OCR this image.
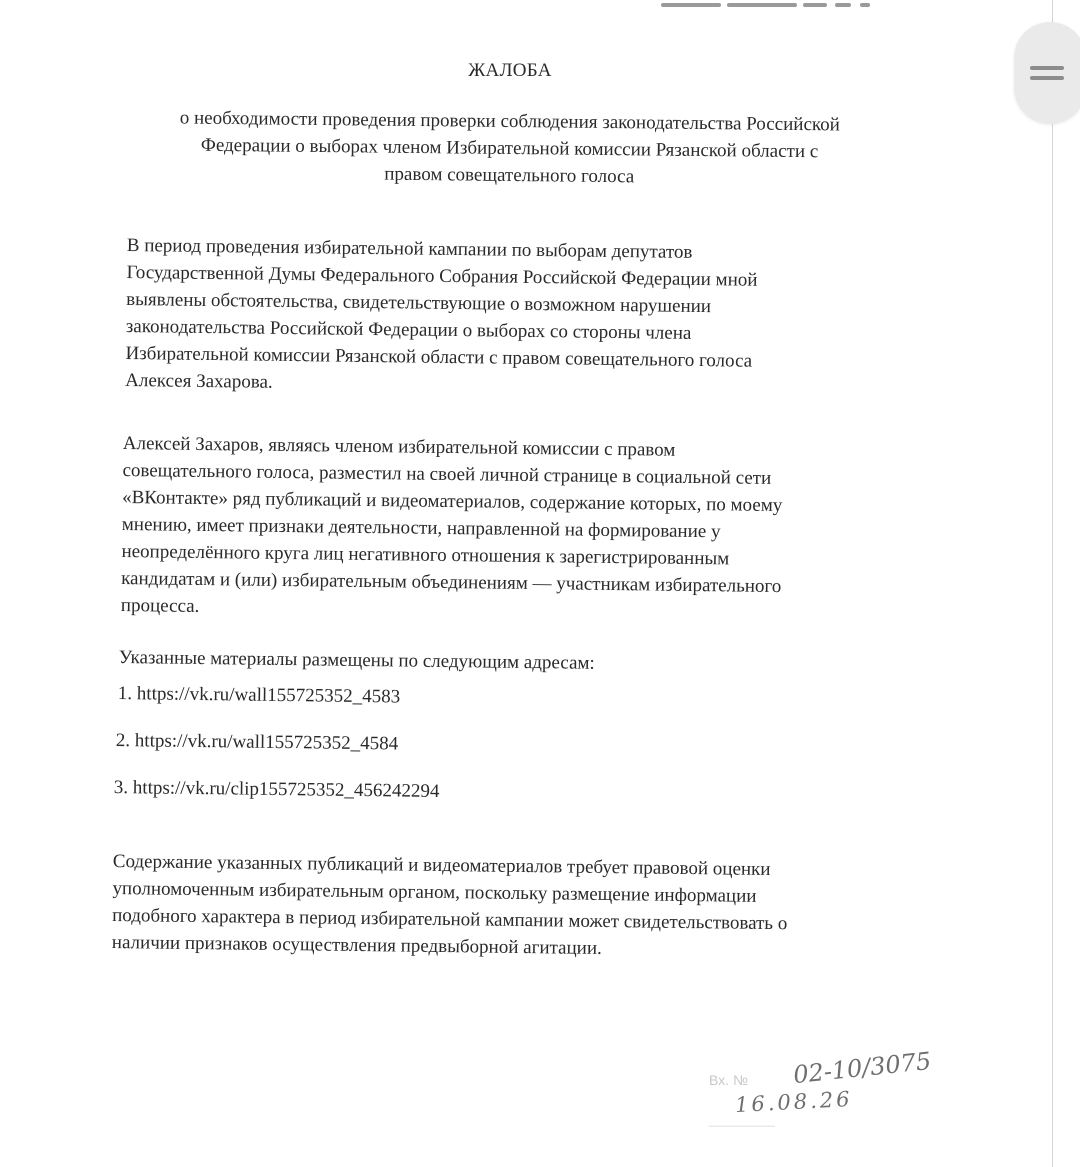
ЖАЛОБА
о необходимости проведения проверки соблюдения законодательства Российской
Федерации о выборах членом Избирательной комиссии Рязанской области с
правом совещательного голоса
В период проведения избирательной кампании по выборам депутатов
Государственной Думы Федерального Собрания Российской Федерации мной
выявлены обстоятельства, свидетельствующие о возможном нарушении
законодательства Российской Федерации о выборах со стороны члена
Избирательной комиссии Рязанской области с правом совещательного голоса
Алексея Захарова.
Алексей Захаров, являясь членом избирательной комиссии с правом
совещательного голоса, разместил на своей личной странице в социальной сети
«ВКонтакте» ряд публикаций и видеоматериалов, содержание которых, по моему
мнению, имеет признаки деятельности, направленной на формирование у
неопределённого круга лиц негативного отношения к зарегистрированным
кандидатам и (или) избирательным объединениям — участникам избирательного
процесса.
Указанные материалы размещены по следующим адресам:
1. https://vk.ru/wall155725352_4583
2. https://vk.ru/wall155725352_4584
3. https://vk.ru/clip155725352_456242294
Содержание указанных публикаций и видеоматериалов требует правовой оценки
уполномоченным избирательным органом, поскольку размещение информации
подобного характера в период избирательной кампании может свидетельствовать о
наличии признаков осуществления предвыборной агитации.
Вх. № 02-10/3075
16.08.26
——————
